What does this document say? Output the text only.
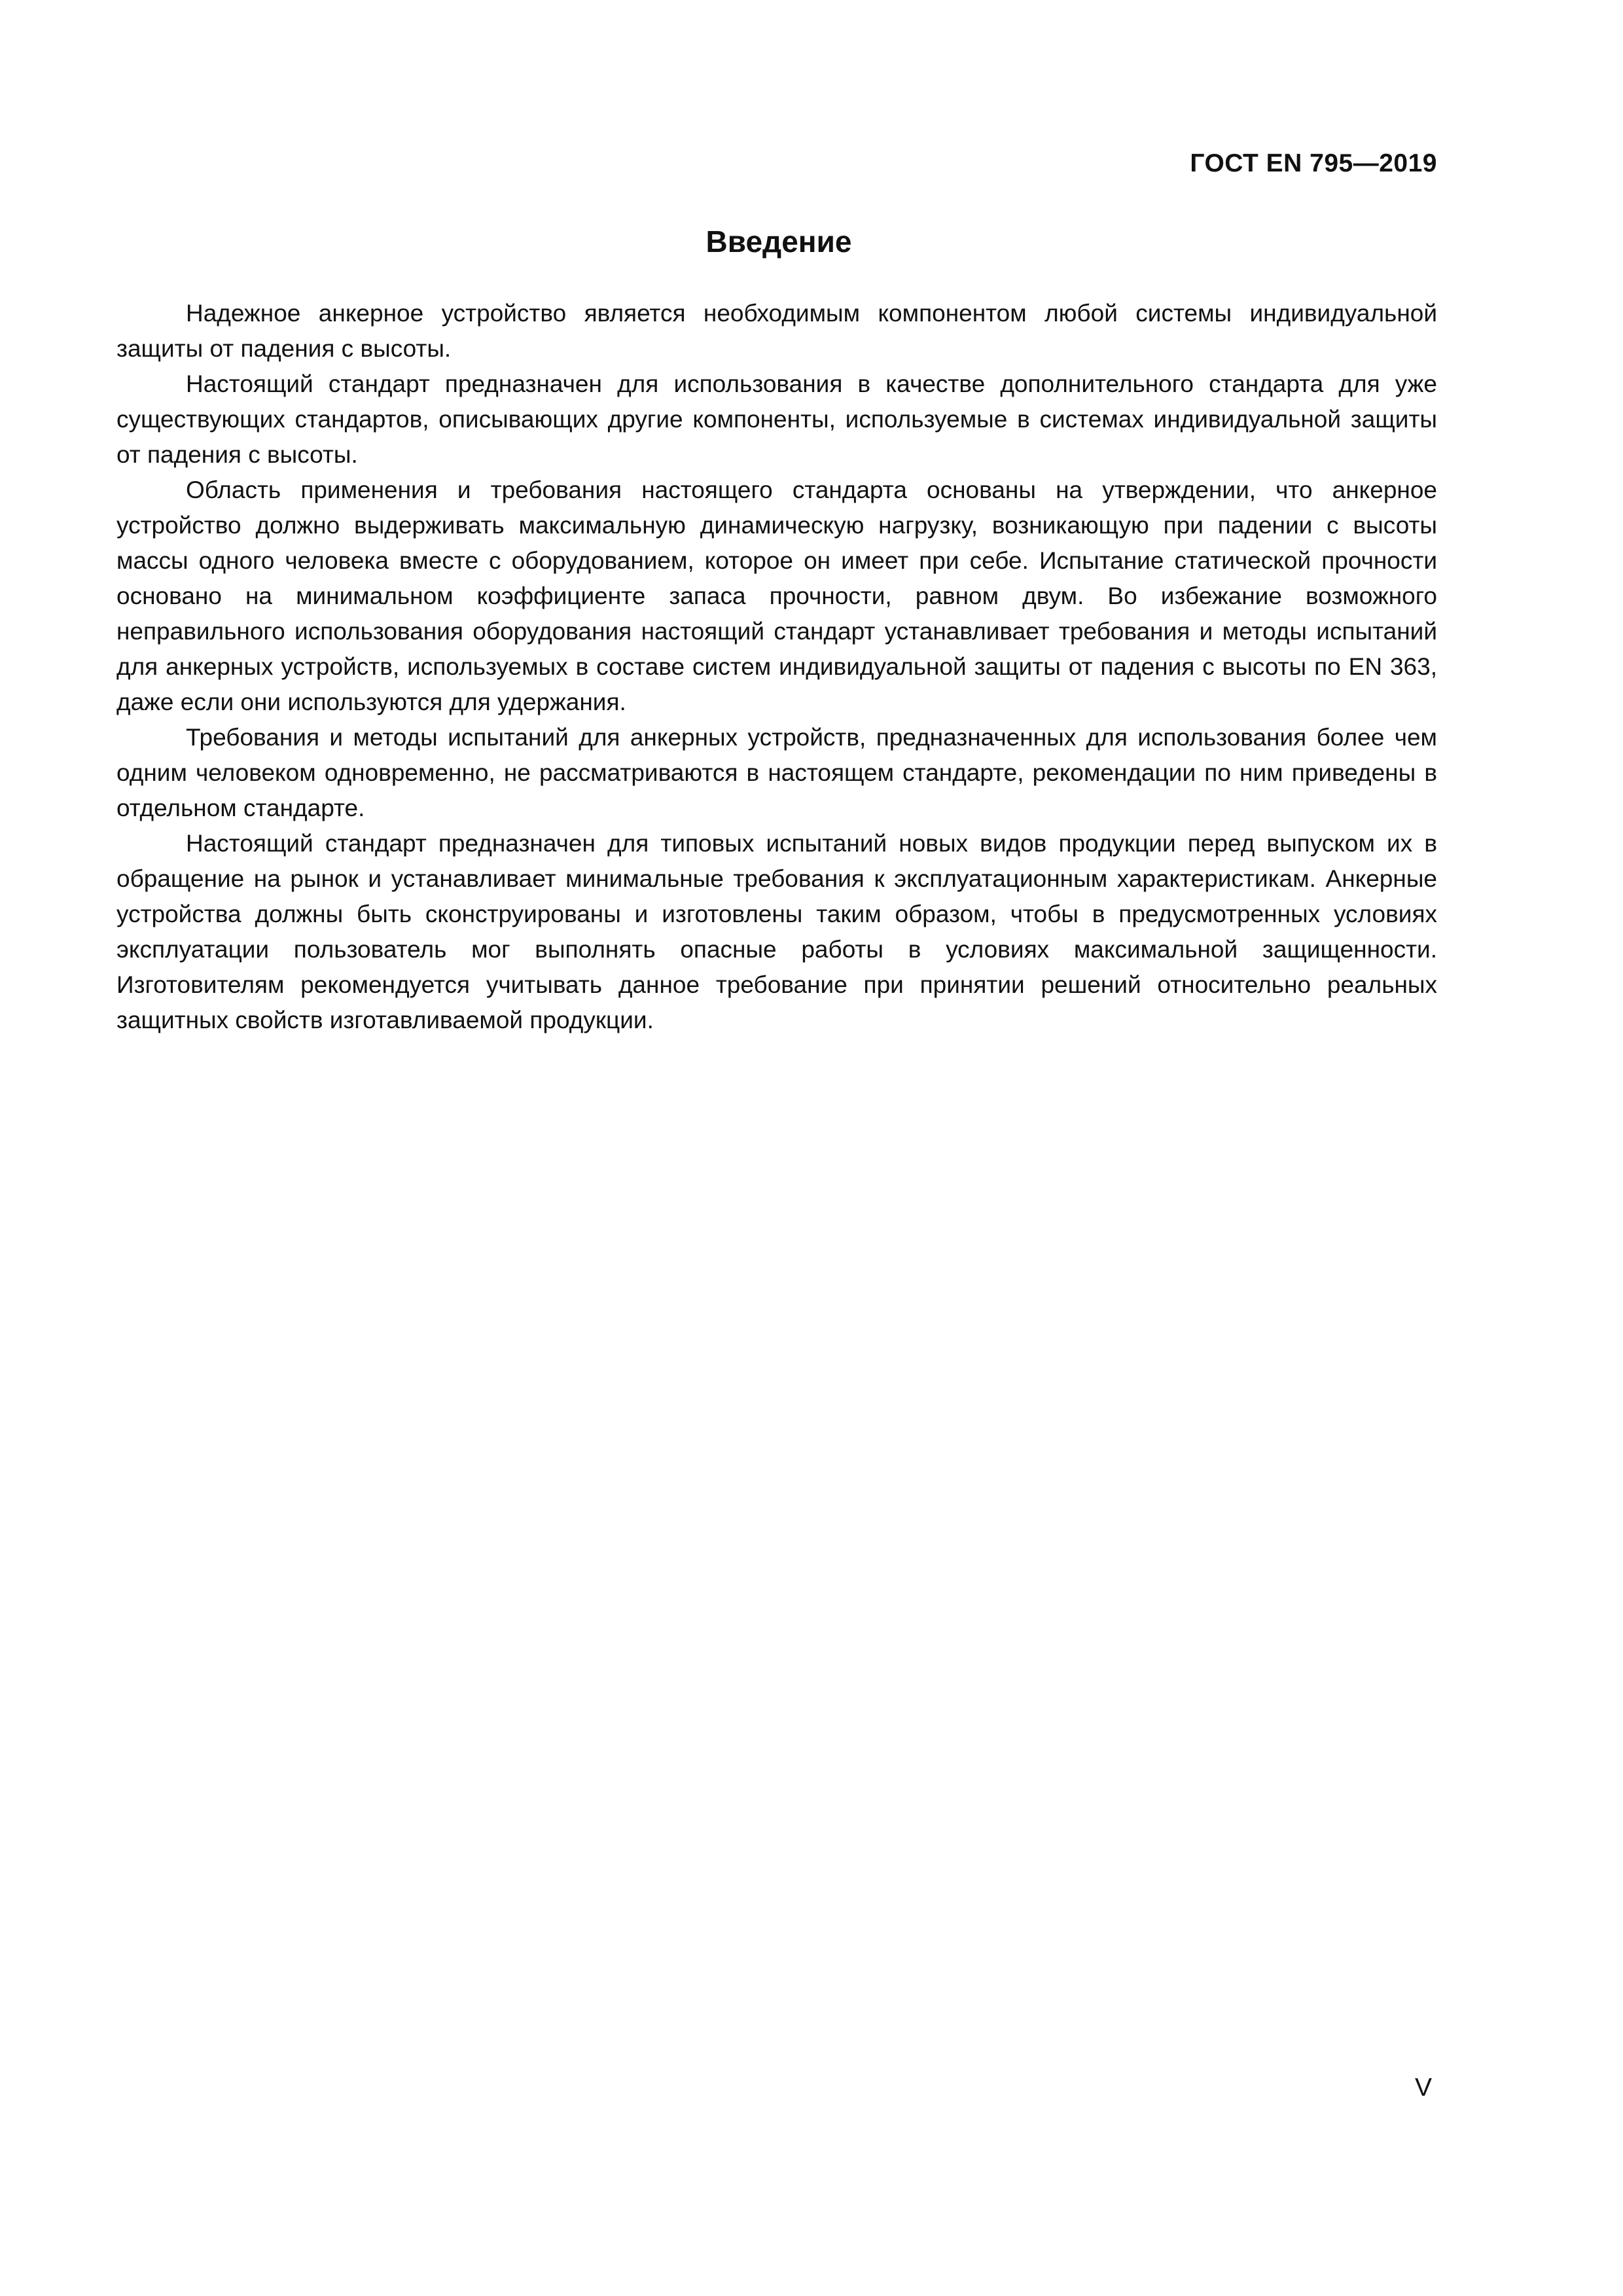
ГОСТ EN 795—2019
Введение

Надежное анкерное устройство является необходимым компонентом любой системы индивидуальной защиты от падения с высоты.

Настоящий стандарт предназначен для использования в качестве дополнительного стандарта для уже существующих стандартов, описывающих другие компоненты, используемые в системах индивидуальной защиты от падения с высоты.

Область применения и требования настоящего стандарта основаны на утверждении, что анкерное устройство должно выдерживать максимальную динамическую нагрузку, возникающую при падении с высоты массы одного человека вместе с оборудованием, которое он имеет при себе. Испытание статической прочности основано на минимальном коэффициенте запаса прочности, равном двум. Во избежание возможного неправильного использования оборудования настоящий стандарт устанавливает требования и методы испытаний для анкерных устройств, используемых в составе систем индивидуальной защиты от падения с высоты по EN 363, даже если они используются для удержания.

Требования и методы испытаний для анкерных устройств, предназначенных для использования более чем одним человеком одновременно, не рассматриваются в настоящем стандарте, рекомендации по ним приведены в отдельном стандарте.

Настоящий стандарт предназначен для типовых испытаний новых видов продукции перед выпуском их в обращение на рынок и устанавливает минимальные требования к эксплуатационным характеристикам. Анкерные устройства должны быть сконструированы и изготовлены таким образом, чтобы в предусмотренных условиях эксплуатации пользователь мог выполнять опасные работы в условиях максимальной защищенности. Изготовителям рекомендуется учитывать данное требование при принятии решений относительно реальных защитных свойств изготавливаемой продукции.

V
